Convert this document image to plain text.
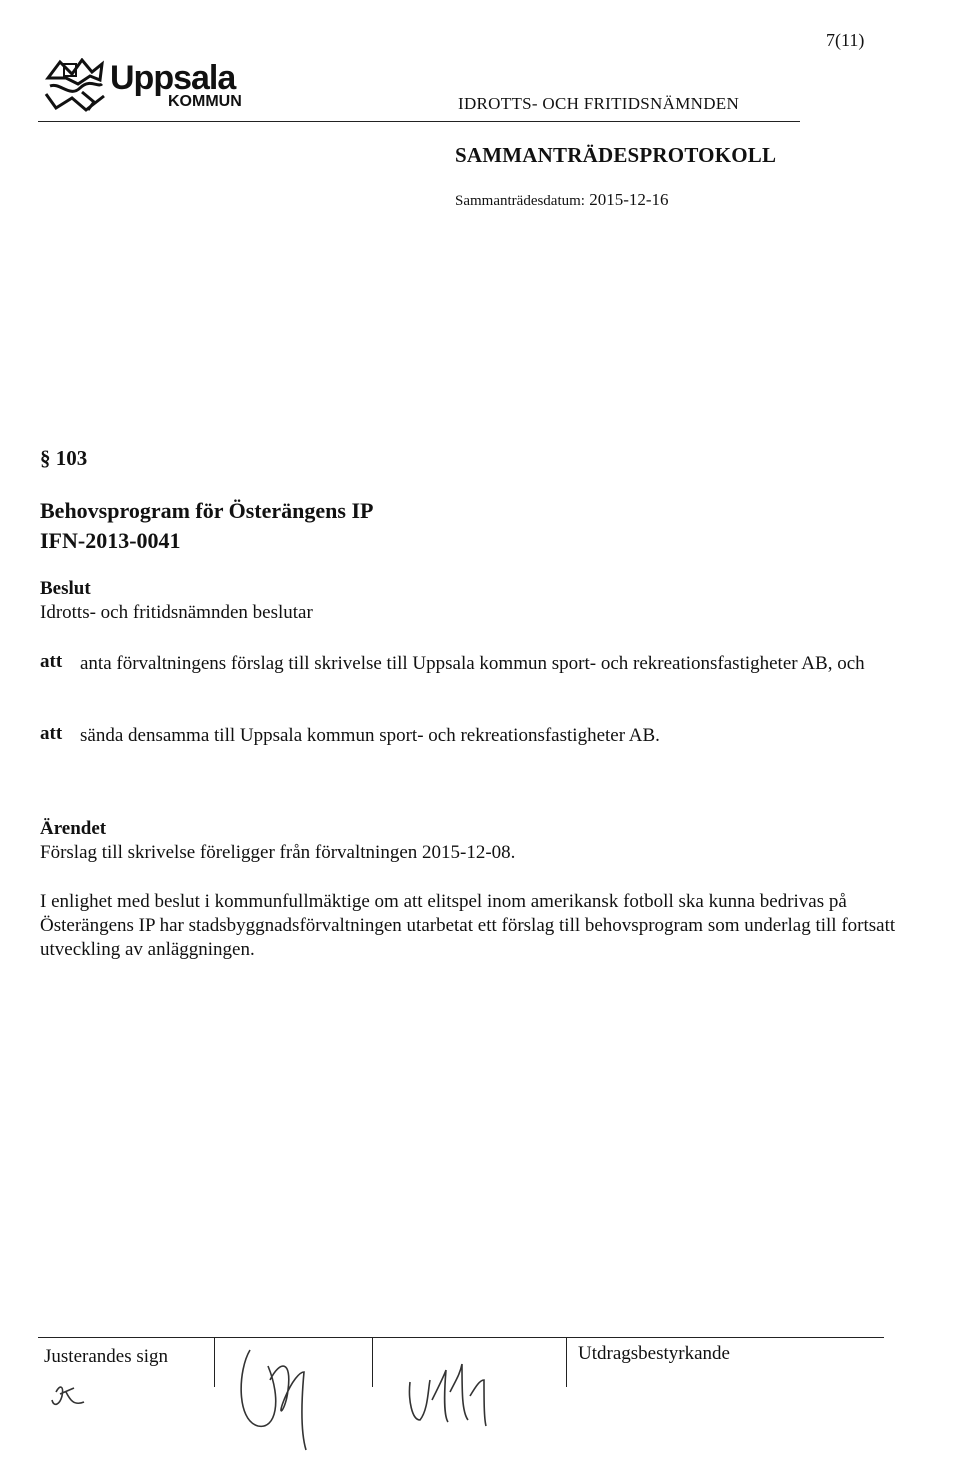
7(11)
Uppsala
KOMMUN	IDROTTS- OCH FRITIDSNÄMNDEN
SAMMANTRÄDESPROTOKOLL
Sammanträdesdatum: 2015-12-16
§ 103
Behovsprogram för Österängens IP
IFN-2013-0041
Beslut
Idrotts- och fritidsnämnden beslutar
att anta förvaltningens förslag till skrivelse till Uppsala kommun sport- och rekreationsfastigheter AB, och
att sända densamma till Uppsala kommun sport- och rekreationsfastigheter AB.
Ärendet
Förslag till skrivelse föreligger från förvaltningen 2015-12-08.
I enlighet med beslut i kommunfullmäktige om att elitspel inom amerikansk fotboll ska kunna bedrivas på Österängens IP har stadsbyggnadsförvaltningen utarbetat ett förslag till behovsprogram som underlag till fortsatt utveckling av anläggningen.
Justerandes sign	Utdragsbestyrkande
